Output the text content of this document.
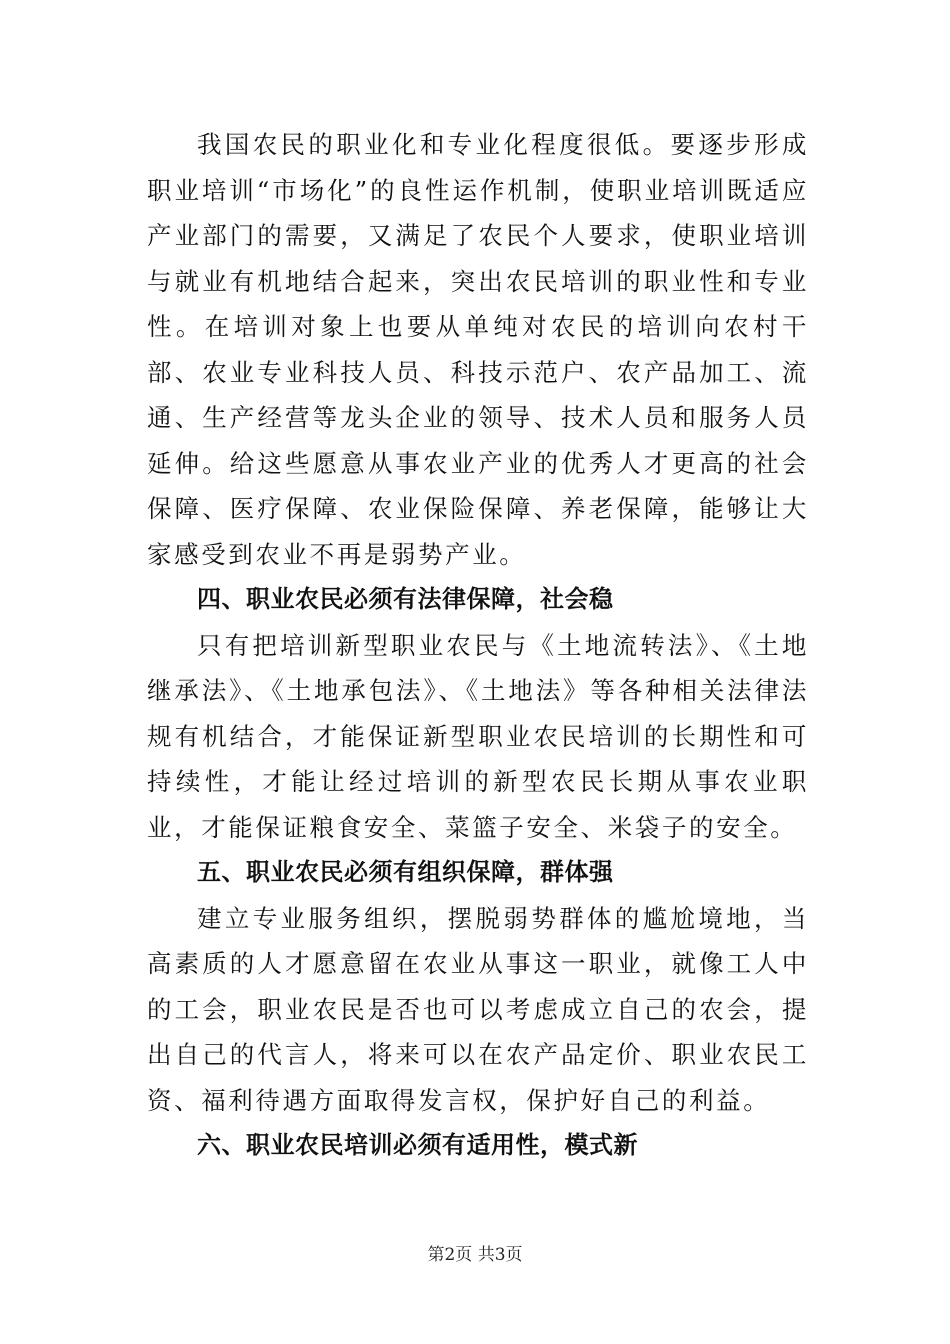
我国农民的职业化和专业化程度很低。要逐步形成职业培训“市场化”的良性运作机制，使职业培训既适应产业部门的需要，又满足了农民个人要求，使职业培训与就业有机地结合起来，突出农民培训的职业性和专业性。在培训对象上也要从单纯对农民的培训向农村干部、农业专业科技人员、科技示范户、农产品加工、流通、生产经营等龙头企业的领导、技术人员和服务人员延伸。给这些愿意从事农业产业的优秀人才更高的社会保障、医疗保障、农业保险保障、养老保障，能够让大家感受到农业不再是弱势产业。

四、职业农民必须有法律保障，社会稳

只有把培训新型职业农民与《土地流转法》、《土地继承法》、《土地承包法》、《土地法》等各种相关法律法规有机结合，才能保证新型职业农民培训的长期性和可持续性，才能让经过培训的新型农民长期从事农业职业，才能保证粮食安全、菜篮子安全、米袋子的安全。

五、职业农民必须有组织保障，群体强

建立专业服务组织，摆脱弱势群体的尴尬境地，当高素质的人才愿意留在农业从事这一职业，就像工人中的工会，职业农民是否也可以考虑成立自己的农会，提出自己的代言人，将来可以在农产品定价、职业农民工资、福利待遇方面取得发言权，保护好自己的利益。

六、职业农民培训必须有适用性，模式新

第2页 共3页
